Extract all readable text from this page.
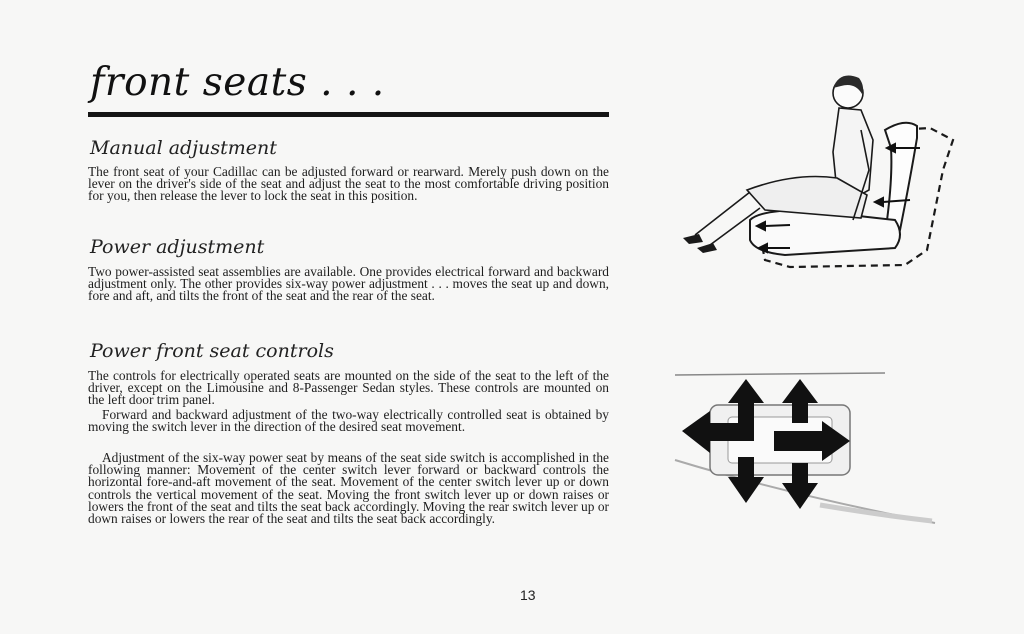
front seats . . .
Manual adjustment

The front seat of your Cadillac can be adjusted forward or rearward. Merely push down on the lever on the driver's side of the seat and adjust the seat to the most comfortable driving position for you, then release the lever to lock the seat in this position.

Power adjustment

Two power-assisted seat assemblies are available. One provides electrical forward and backward adjustment only. The other provides six-way power adjustment . . . moves the seat up and down, fore and aft, and tilts the front of the seat and the rear of the seat.

Power front seat controls

The controls for electrically operated seats are mounted on the side of the seat to the left of the driver, except on the Limousine and 8-Passenger Sedan styles. These controls are mounted on the left door trim panel.

Forward and backward adjustment of the two-way electrically controlled seat is obtained by moving the switch lever in the direction of the desired seat movement.

Adjustment of the six-way power seat by means of the seat side switch is accomplished in the following manner: Movement of the center switch lever forward or backward controls the horizontal fore-and-aft movement of the seat. Movement of the center switch lever up or down controls the vertical movement of the seat. Moving the front switch lever up or down raises or lowers the front of the seat and tilts the seat back accordingly. Moving the rear switch lever up or down raises or lowers the rear of the seat and tilts the seat back accordingly.

13
